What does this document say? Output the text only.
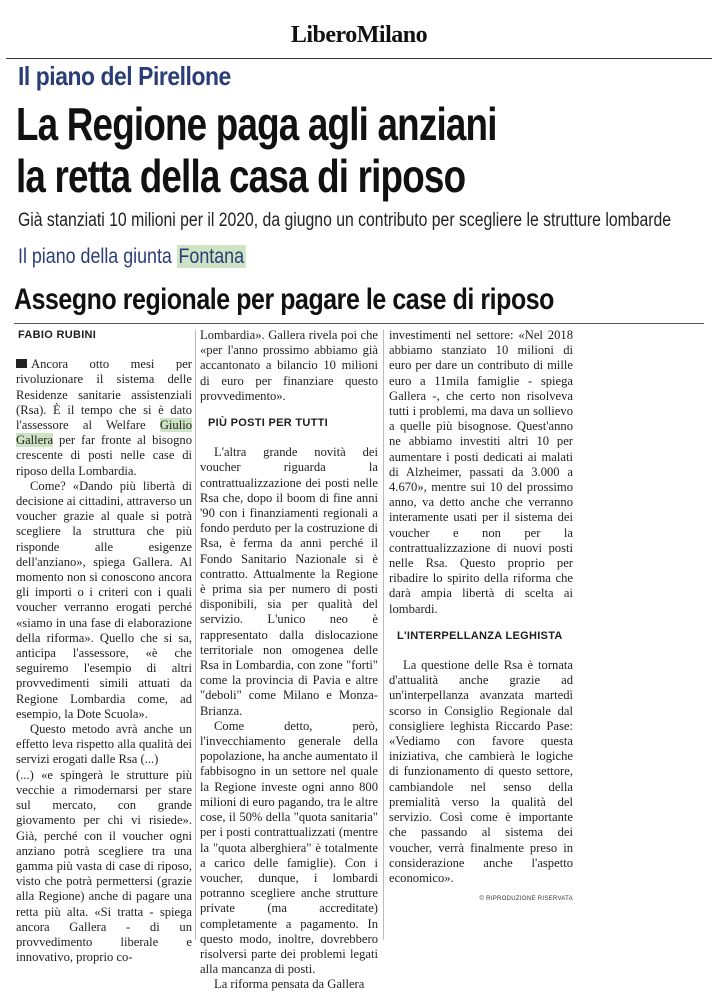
LiberoMilano
Il piano del Pirellone
La Regione paga agli anziani
la retta della casa di riposo
Già stanziati 10 milioni per il 2020, da giugno un contributo per scegliere le strutture lombarde
Il piano della giunta Fontana
Assegno regionale per pagare le case di riposo
FABIO RUBINI

Ancora otto mesi per rivoluzionare il sistema delle Residenze sanitarie assistenziali (Rsa). È il tempo che si è dato l'assessore al Welfare Giulio Gallera per far fronte al bisogno crescente di posti nelle case di riposo della Lombardia.

Come? «Dando più libertà di decisione ai cittadini, attraverso un voucher grazie al quale si potrà scegliere la struttura che più risponde alle esigenze dell'anziano», spiega Gallera. Al momento non si conoscono ancora gli importi o i criteri con i quali voucher verranno erogati perché «siamo in una fase di elaborazione della riforma». Quello che si sa, anticipa l'assessore, «è che seguiremo l'esempio di altri provvedimenti simili attuati da Regione Lombardia come, ad esempio, la Dote Scuola».

Questo metodo avrà anche un effetto leva rispetto alla qualità dei servizi erogati dalle Rsa (...)

(...) «e spingerà le strutture più vecchie a rimodernarsi per stare sul mercato, con grande giovamento per chi vi risiede». Già, perché con il voucher ogni anziano potrà scegliere tra una gamma più vasta di case di riposo, visto che potrà permettersi (grazie alla Regione) anche di pagare una retta più alta. «Si tratta - spiega ancora Gallera - di un provvedimento liberale e innovativo, proprio co-

Lombardia». Gallera rivela poi che «per l'anno prossimo abbiamo già accantonato a bilancio 10 milioni di euro per finanziare questo provvedimento».

PIÙ POSTI PER TUTTI

L'altra grande novità dei voucher riguarda la contrattualizzazione dei posti nelle Rsa che, dopo il boom di fine anni '90 con i finanziamenti regionali a fondo perduto per la costruzione di Rsa, è ferma da anni perché il Fondo Sanitario Nazionale si è contratto. Attualmente la Regione è prima sia per numero di posti disponibili, sia per qualità del servizio. L'unico neo è rappresentato dalla dislocazione territoriale non omogenea delle Rsa in Lombardia, con zone "forti" come la provincia di Pavia e altre "deboli" come Milano e Monza-Brianza.

Come detto, però, l'invecchiamento generale della popolazione, ha anche aumentato il fabbisogno in un settore nel quale la Regione investe ogni anno 800 milioni di euro pagando, tra le altre cose, il 50% della "quota sanitaria" per i posti contrattualizzati (mentre la "quota alberghiera" è totalmente a carico delle famiglie). Con i voucher, dunque, i lombardi potranno scegliere anche strutture private (ma accreditate) completamente a pagamento. In questo modo, inoltre, dovrebbero risolversi parte dei problemi legati alla mancanza di posti.

La riforma pensata da Gallera

investimenti nel settore: «Nel 2018 abbiamo stanziato 10 milioni di euro per dare un contributo di mille euro a 11mila famiglie - spiega Gallera -, che certo non risolveva tutti i problemi, ma dava un sollievo a quelle più bisognose. Quest'anno ne abbiamo investiti altri 10 per aumentare i posti dedicati ai malati di Alzheimer, passati da 3.000 a 4.670», mentre sui 10 del prossimo anno, va detto anche che verranno interamente usati per il sistema dei voucher e non per la contrattualizzazione di nuovi posti nelle Rsa. Questo proprio per ribadire lo spirito della riforma che darà ampia libertà di scelta ai lombardi.

L'INTERPELLANZA LEGHISTA

La questione delle Rsa è tornata d'attualità anche grazie ad un'interpellanza avanzata martedì scorso in Consiglio Regionale dal consigliere leghista Riccardo Pase: «Vediamo con favore questa iniziativa, che cambierà le logiche di funzionamento di questo settore, cambiandole nel senso della premialità verso la qualità del servizio. Così come è importante che passando al sistema dei voucher, verrà finalmente preso in considerazione anche l'aspetto economico».

© RIPRODUZIONE RISERVATA
